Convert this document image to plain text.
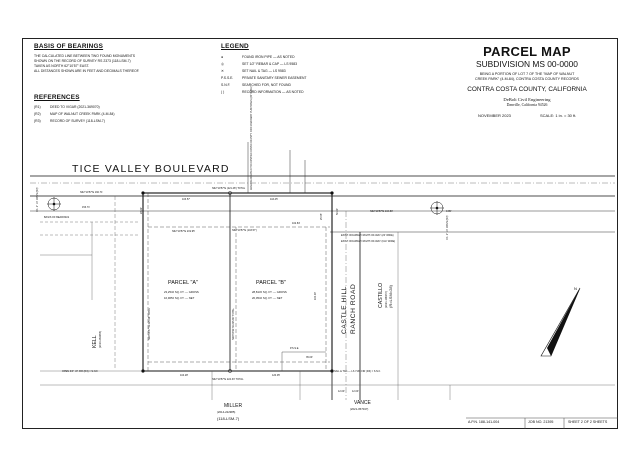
BASIS OF BEARINGS
THE CALCULATED LINE BETWEEN TWO FOUND MONUMENTS
SHOWN ON THE RECORD OF SURVEY RS 2373 (118-LSM-7)
TAKEN AS NORTH 62°10'57" EAST.
ALL DISTANCES SHOWN ARE IN FEET AND DECIMALS THEREOF.
REFERENCES
(R1)	DEED TO VIGAR (2021-369070)
(R2)	MAP OF WALNUT CREEK PARK (4-M-84)
(R3)	RECORD OF SURVEY (118-LSM-7)
LEGEND
●	FOUND IRON PIPE — AS NOTED
◎	SET 1/2" REBAR & CAP — LS 9583
✕	SET NAIL & TAG — LS 9583
P.S.S.E.	PRIVATE SANITARY SEWER EASEMENT
S.N.F.	SEARCHED FOR, NOT FOUND
( )	RECORD INFORMATION — AS NOTED
PARCEL MAP
SUBDIVISION MS 00-0000
BEING A PORTION OF LOT 7 OF THE "MAP OF WALNUT
CREEK PARK" (4-M-84), CONTRA COSTA COUNTY RECORDS
CONTRA COSTA COUNTY, CALIFORNIA
DeBolt Civil Engineering
Danville, California 94526
NOVEMBER 2023	SCALE: 1 in. = 30 ft.
A.P.N. 188-141-004	JOB NO. 21395	SHEET 2 OF 2 SHEETS
N
TICE VALLEY BOULEVARD
PARCEL "A"
23,254± SQ. FT. — GROSS
16,965± SQ. FT. — NET
PARCEL "B"
28,813± SQ. FT. — GROSS
20,054± SQ. FT. — NET	CASTLE HILL RANCH ROAD
KELL (2010-264955)
CASTILLO (2021-196157) (R=LSM=28)
MILLER
(2014-222985)
(118-LSM-7)
VANCE
(2021-057047)
N62°10'57"E (221.48') TOTAL
103.57'	116.45'
N62°10'57"E 160.71'
153.71'
N62°10'57"E (103.57')
102.84'
N62°10'57"E 134.80'
N62°10'57"E 219.95'
EXIST. ROADWAY RIGHT-OF-WAY (20' WIDE)
EXIST. ROADWAY RIGHT-OF-WAY (CLF WIDE)
N28°08'57"W 225.48' TOTAL	N28°09'11"W 225.60' TOTAL
100.00'
50.00'
25.55'
23.22'
35.00'
P.S.S.E.
N62°10'57"E 224.33' TOTAL
104.28'	120.05'
NAIL & TAG — LS 7135 FIR (R3) = S.N.F.
OPEN 3/4" I.P. FIR (R3) = S.N.F.
12.00'	12.00'
0.85'
BASIS OF BEARINGS
FD. 1" I.P. OPEN (R3)
FD. 1" I.P. OPEN (R3)
AREA DEDICATED TO CONTRA COSTA COUNTY FOR ROADWAY PURPOSES (20' WIDE)
